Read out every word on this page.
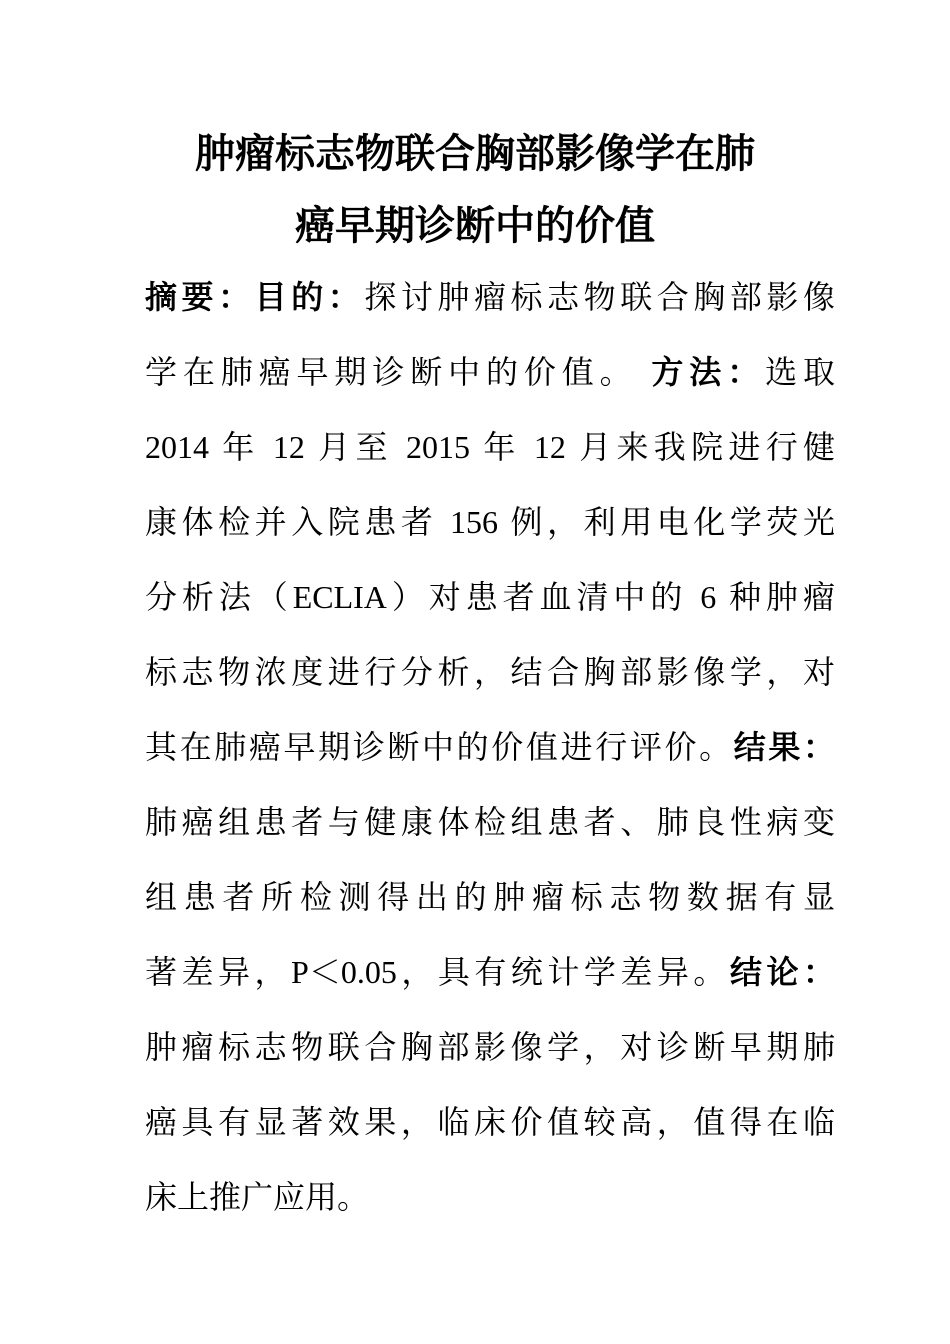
肿瘤标志物联合胸部影像学在肺
癌早期诊断中的价值
摘要：目的：探讨肿瘤标志物联合胸部影像
学在肺癌早期诊断中的价值。 方法：选取
2014 年 12 月至 2015 年 12 月来我院进行健
康体检并入院患者 156 例，利用电化学荧光
分析法（ECLIA）对患者血清中的 6 种肿瘤
标志物浓度进行分析，结合胸部影像学，对
其在肺癌早期诊断中的价值进行评价。结果：
肺癌组患者与健康体检组患者、肺良性病变
组患者所检测得出的肿瘤标志物数据有显
著差异，P＜0.05，具有统计学差异。结论：
肿瘤标志物联合胸部影像学，对诊断早期肺
癌具有显著效果，临床价值较高，值得在临
床上推广应用。
